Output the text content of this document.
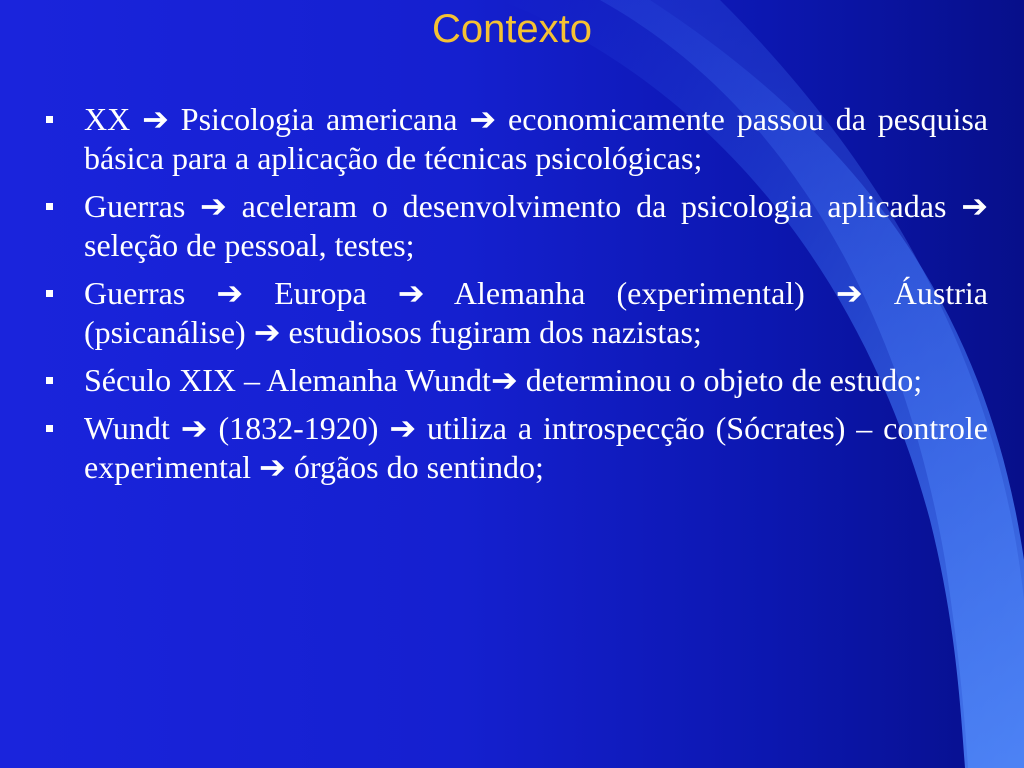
Contexto
XX ➔ Psicologia americana ➔ economicamente passou da pesquisa básica para a aplicação de técnicas psicológicas;
Guerras ➔ aceleram o desenvolvimento da psicologia aplicadas ➔ seleção de pessoal, testes;
Guerras ➔ Europa ➔ Alemanha (experimental) ➔ Áustria (psicanálise) ➔ estudiosos fugiram dos nazistas;
Século XIX – Alemanha Wundt➔ determinou o objeto de estudo;
Wundt ➔ (1832-1920) ➔ utiliza a introspecção (Sócrates) – controle experimental ➔ órgãos do sentindo;
